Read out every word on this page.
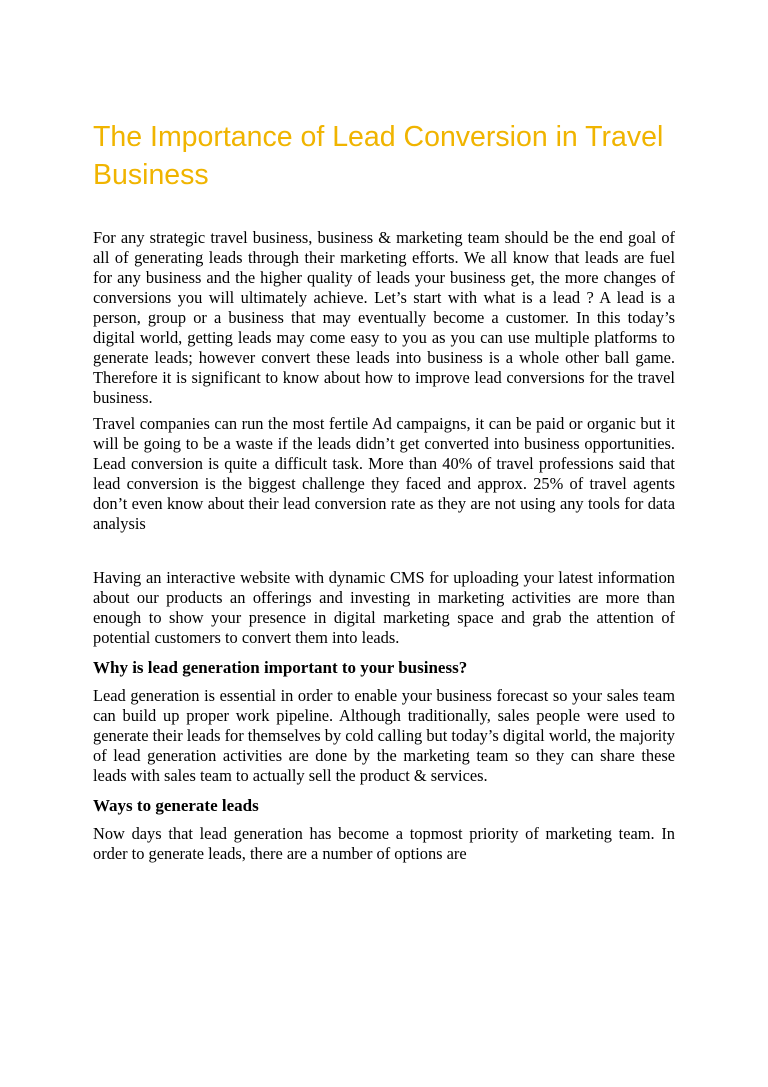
The Importance of Lead Conversion in Travel Business

For any strategic travel business, business & marketing team should be the end goal of all of generating leads through their marketing efforts. We all know that leads are fuel for any business and the higher quality of leads your business get, the more changes of conversions you will ultimately achieve. Let’s start with what is a lead ? A lead is a person, group or a business that may eventually become a customer. In this today’s digital world, getting leads may come easy to you as you can use multiple platforms to generate leads; however convert these leads into business is a whole other ball game. Therefore it is significant to know about how to improve lead conversions for the travel business.

Travel companies can run the most fertile Ad campaigns, it can be paid or organic but it will be going to be a waste if the leads didn’t get converted into business opportunities. Lead conversion is quite a difficult task. More than 40% of travel professions said that lead conversion is the biggest challenge they faced and approx. 25% of travel agents don’t even know about their lead conversion rate as they are not using any tools for data analysis

Having an interactive website with dynamic CMS for uploading your latest information about our products an offerings and investing in marketing activities are more than enough to show your presence in digital marketing space and grab the attention of potential customers to convert them into leads.

Why is lead generation important to your business?

Lead generation is essential in order to enable your business forecast so your sales team can build up proper work pipeline. Although traditionally, sales people were used to generate their leads for themselves by cold calling but today’s digital world, the majority of lead generation activities are done by the marketing team so they can share these leads with sales team to actually sell the product & services.

Ways to generate leads

Now days that lead generation has become a topmost priority of marketing team. In order to generate leads, there are a number of options are
